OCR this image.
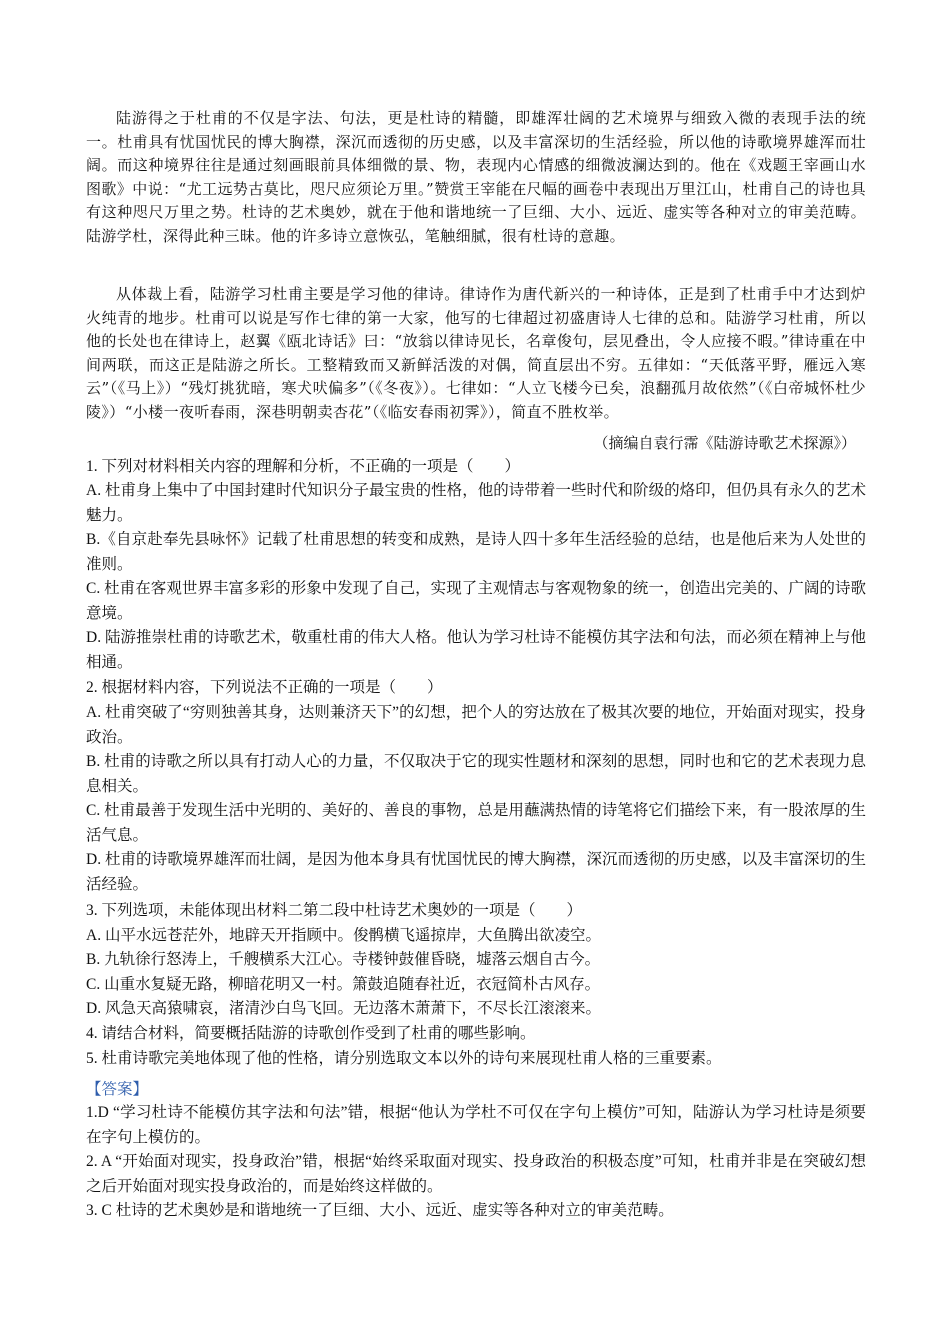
陆游得之于杜甫的不仅是字法、句法，更是杜诗的精髓，即雄浑壮阔的艺术境界与细致入微的表现手法的统一。杜甫具有忧国忧民的博大胸襟，深沉而透彻的历史感，以及丰富深切的生活经验，所以他的诗歌境界雄浑而壮阔。而这种境界往往是通过刻画眼前具体细微的景、物，表现内心情感的细微波澜达到的。他在《戏题王宰画山水图歌》中说：“尤工远势古莫比，咫尺应须论万里。”赞赏王宰能在尺幅的画卷中表现出万里江山，杜甫自己的诗也具有这种咫尺万里之势。杜诗的艺术奥妙，就在于他和谐地统一了巨细、大小、远近、虚实等各种对立的审美范畴。陆游学杜，深得此种三昧。他的许多诗立意恢弘，笔触细腻，很有杜诗的意趣。

从体裁上看，陆游学习杜甫主要是学习他的律诗。律诗作为唐代新兴的一种诗体，正是到了杜甫手中才达到炉火纯青的地步。杜甫可以说是写作七律的第一大家，他写的七律超过初盛唐诗人七律的总和。陆游学习杜甫，所以他的长处也在律诗上，赵翼《瓯北诗话》曰：“放翁以律诗见长，名章俊句，层见叠出，令人应接不暇。”律诗重在中间两联，而这正是陆游之所长。工整精致而又新鲜活泼的对偶，简直层出不穷。五律如：“天低落平野，雁远入寒云”（《马上》）“残灯挑犹暗，寒犬吠偏多”（《冬夜》）。七律如：“人立飞楼今已矣，浪翻孤月故依然”（《白帝城怀杜少陵》）“小楼一夜听春雨，深巷明朝卖杏花”（《临安春雨初霁》），简直不胜枚举。

（摘编自袁行霈《陆游诗歌艺术探源》）

1. 下列对材料相关内容的理解和分析，不正确的一项是（　　）

A. 杜甫身上集中了中国封建时代知识分子最宝贵的性格，他的诗带着一些时代和阶级的烙印，但仍具有永久的艺术魅力。

B.《自京赴奉先县咏怀》记载了杜甫思想的转变和成熟，是诗人四十多年生活经验的总结，也是他后来为人处世的准则。

C. 杜甫在客观世界丰富多彩的形象中发现了自己，实现了主观情志与客观物象的统一，创造出完美的、广阔的诗歌意境。

D. 陆游推崇杜甫的诗歌艺术，敬重杜甫的伟大人格。他认为学习杜诗不能模仿其字法和句法，而必须在精神上与他相通。

2. 根据材料内容，下列说法不正确的一项是（　　）

A. 杜甫突破了“穷则独善其身，达则兼济天下”的幻想，把个人的穷达放在了极其次要的地位，开始面对现实，投身政治。

B. 杜甫的诗歌之所以具有打动人心的力量，不仅取决于它的现实性题材和深刻的思想，同时也和它的艺术表现力息息相关。

C. 杜甫最善于发现生活中光明的、美好的、善良的事物，总是用蘸满热情的诗笔将它们描绘下来，有一股浓厚的生活气息。

D. 杜甫的诗歌境界雄浑而壮阔，是因为他本身具有忧国忧民的博大胸襟，深沉而透彻的历史感，以及丰富深切的生活经验。

3. 下列选项，未能体现出材料二第二段中杜诗艺术奥妙的一项是（　　）

A. 山平水远苍茫外，地辟天开指顾中。俊鹘横飞遥掠岸，大鱼腾出欲凌空。

B. 九轨徐行怒涛上，千艘横系大江心。寺楼钟鼓催昏晓，墟落云烟自古今。

C. 山重水复疑无路，柳暗花明又一村。箫鼓追随春社近，衣冠简朴古风存。

D. 风急天高猿啸哀，渚清沙白鸟飞回。无边落木萧萧下，不尽长江滚滚来。

4. 请结合材料，简要概括陆游的诗歌创作受到了杜甫的哪些影响。

5. 杜甫诗歌完美地体现了他的性格，请分别选取文本以外的诗句来展现杜甫人格的三重要素。

【答案】

1.D “学习杜诗不能模仿其字法和句法”错，根据“他认为学杜不可仅在字句上模仿”可知，陆游认为学习杜诗是须要在字句上模仿的。

2. A “开始面对现实，投身政治”错，根据“始终采取面对现实、投身政治的积极态度”可知，杜甫并非是在突破幻想之后开始面对现实投身政治的，而是始终这样做的。

3. C 杜诗的艺术奥妙是和谐地统一了巨细、大小、远近、虚实等各种对立的审美范畴。
